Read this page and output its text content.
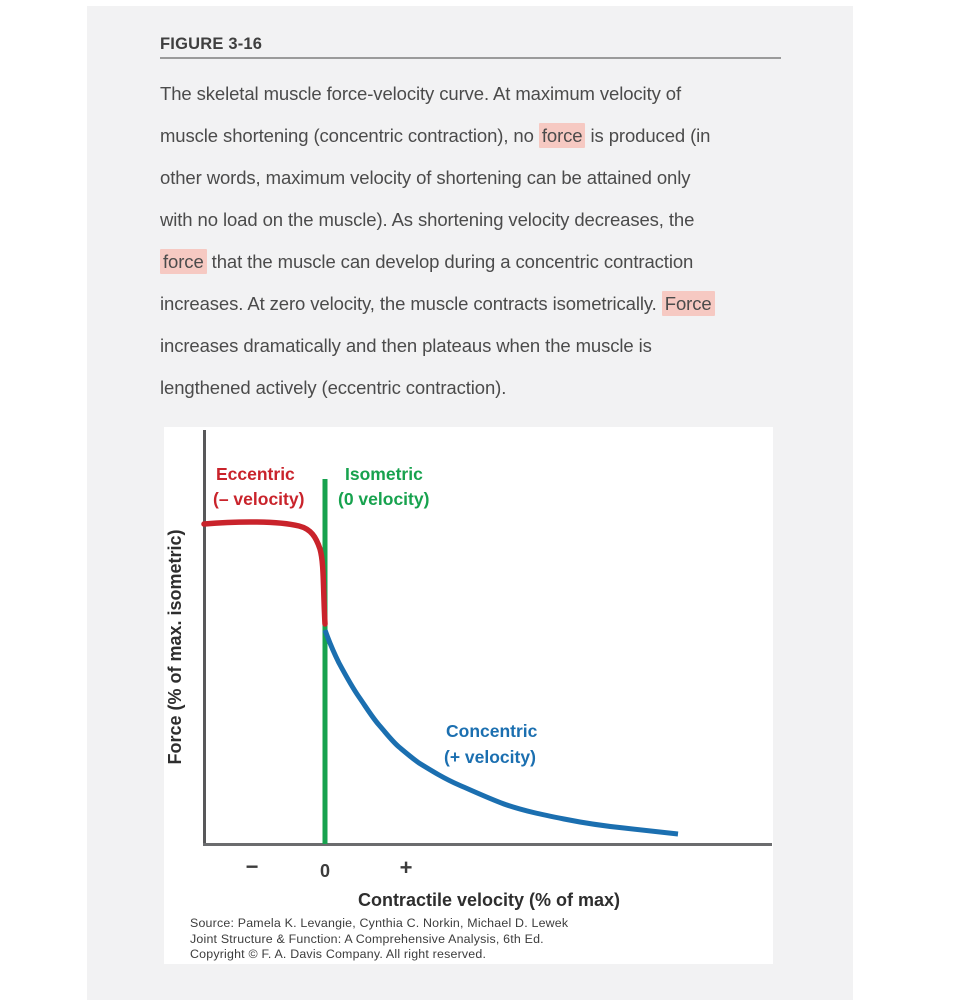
FIGURE 3-16
The skeletal muscle force-velocity curve. At maximum velocity of
muscle shortening (concentric contraction), no force is produced (in
other words, maximum velocity of shortening can be attained only
with no load on the muscle). As shortening velocity decreases, the
force that the muscle can develop during a concentric contraction
increases. At zero velocity, the muscle contracts isometrically. Force
increases dramatically and then plateaus when the muscle is
lengthened actively (eccentric contraction).
Eccentric
(– velocity)
Isometric
(0 velocity)
Concentric
(+ velocity)
−	0	+
Contractile velocity (% of max)
Force (% of max. isometric)
Source: Pamela K. Levangie, Cynthia C. Norkin, Michael D. Lewek
Joint Structure & Function: A Comprehensive Analysis, 6th Ed.
Copyright © F. A. Davis Company. All right reserved.
